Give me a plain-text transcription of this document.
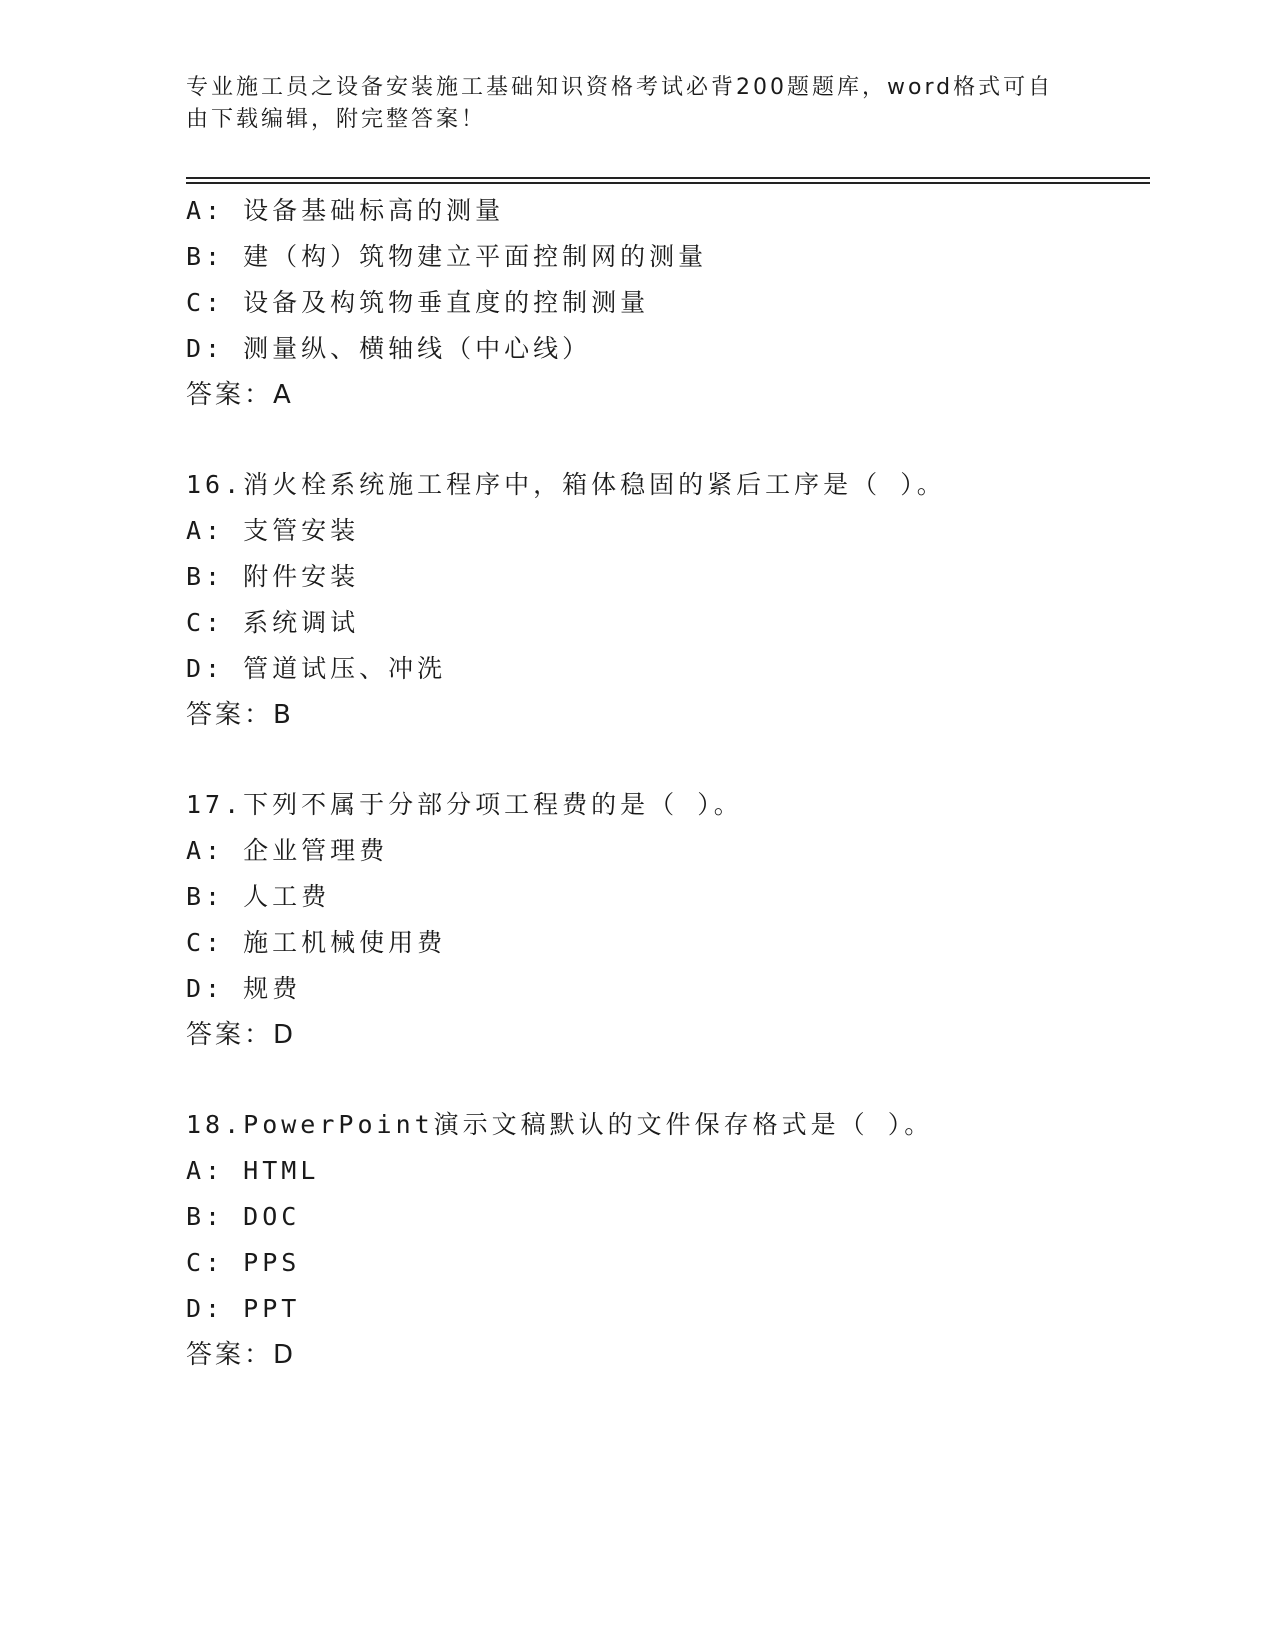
专业施工员之设备安装施工基础知识资格考试必背200题题库，word格式可自由下载编辑，附完整答案！
A: 设备基础标高的测量
B: 建（构）筑物建立平面控制网的测量
C: 设备及构筑物垂直度的控制测量
D: 测量纵、横轴线（中心线）
答案：A
16.消火栓系统施工程序中，箱体稳固的紧后工序是（ ）。
A: 支管安装
B: 附件安装
C: 系统调试
D: 管道试压、冲洗
答案：B
17.下列不属于分部分项工程费的是（ ）。
A: 企业管理费
B: 人工费
C: 施工机械使用费
D: 规费
答案：D
18.PowerPoint演示文稿默认的文件保存格式是（ ）。
A: HTML
B: DOC
C: PPS
D: PPT
答案：D
